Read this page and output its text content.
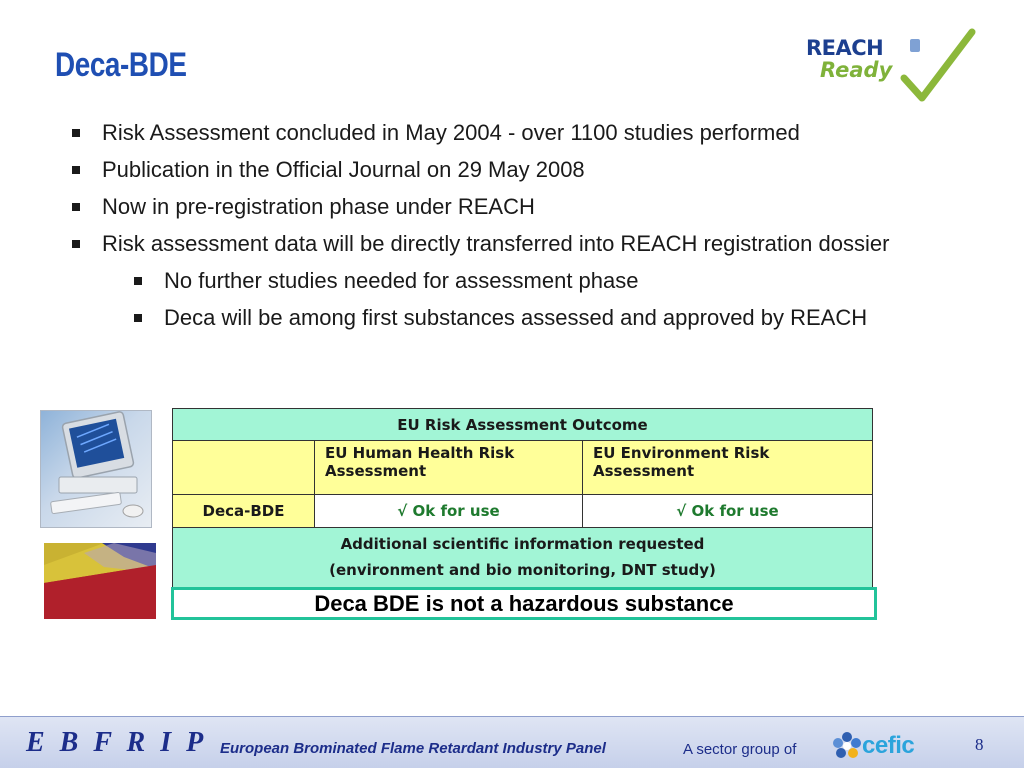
Deca-BDE	REACH
Ready
Risk Assessment concluded in May 2004 - over 1100 studies performed
Publication in the Official Journal on 29 May 2008
Now in pre-registration phase under REACH
Risk assessment data will be directly transferred into REACH registration dossier
No further studies needed for assessment phase
Deca will be among first substances assessed and approved by REACH
EU Risk Assessment Outcome		
	EU Human Health Risk Assessment	EU Environment Risk Assessment
Deca-BDE	√ Ok for use	√ Ok for use

Additional scientific information requested
(environment and bio monitoring, DNT study)		
Deca BDE is not a hazardous substance
E B F R I P European Brominated Flame Retardant Industry Panel	A sector group of	cefic	8
